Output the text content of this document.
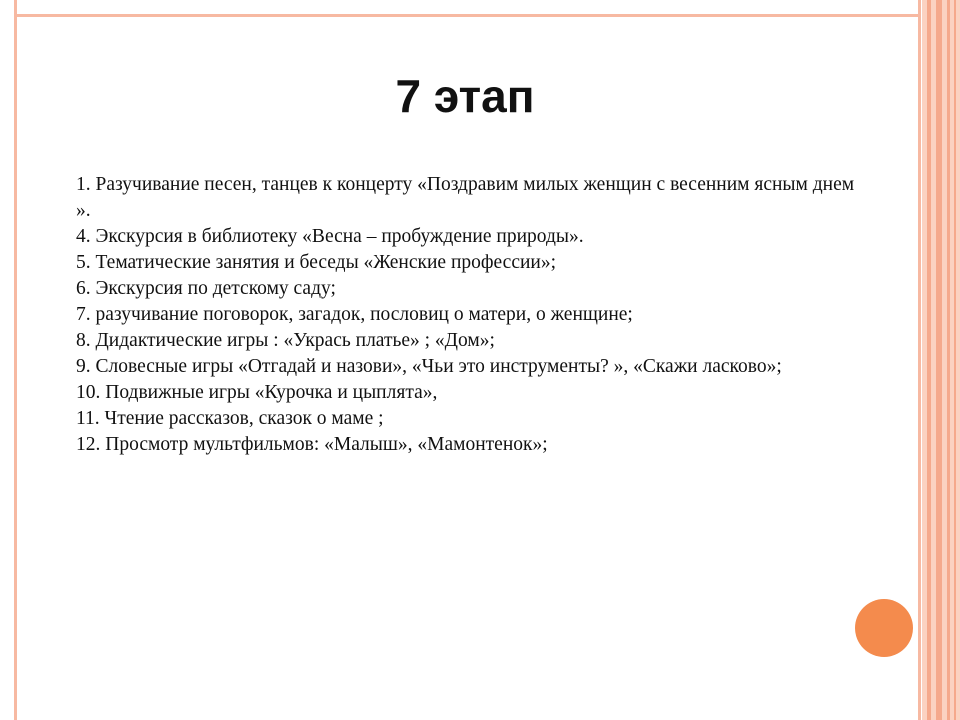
7 этап
1. Разучивание песен, танцев к концерту «Поздравим милых женщин с весенним ясным днем ».
4. Экскурсия в библиотеку «Весна – пробуждение природы».
5. Тематические занятия и беседы «Женские профессии»;
6. Экскурсия по детскому саду;
7. разучивание поговорок, загадок, пословиц о матери, о женщине;
8. Дидактические игры : «Укрась платье» ; «Дом»;
9. Словесные игры «Отгадай и назови», «Чьи это инструменты? », «Скажи ласково»;
10. Подвижные игры «Курочка и цыплята»,
11. Чтение рассказов, сказок о маме ;
12. Просмотр мультфильмов: «Малыш», «Мамонтенок»;
